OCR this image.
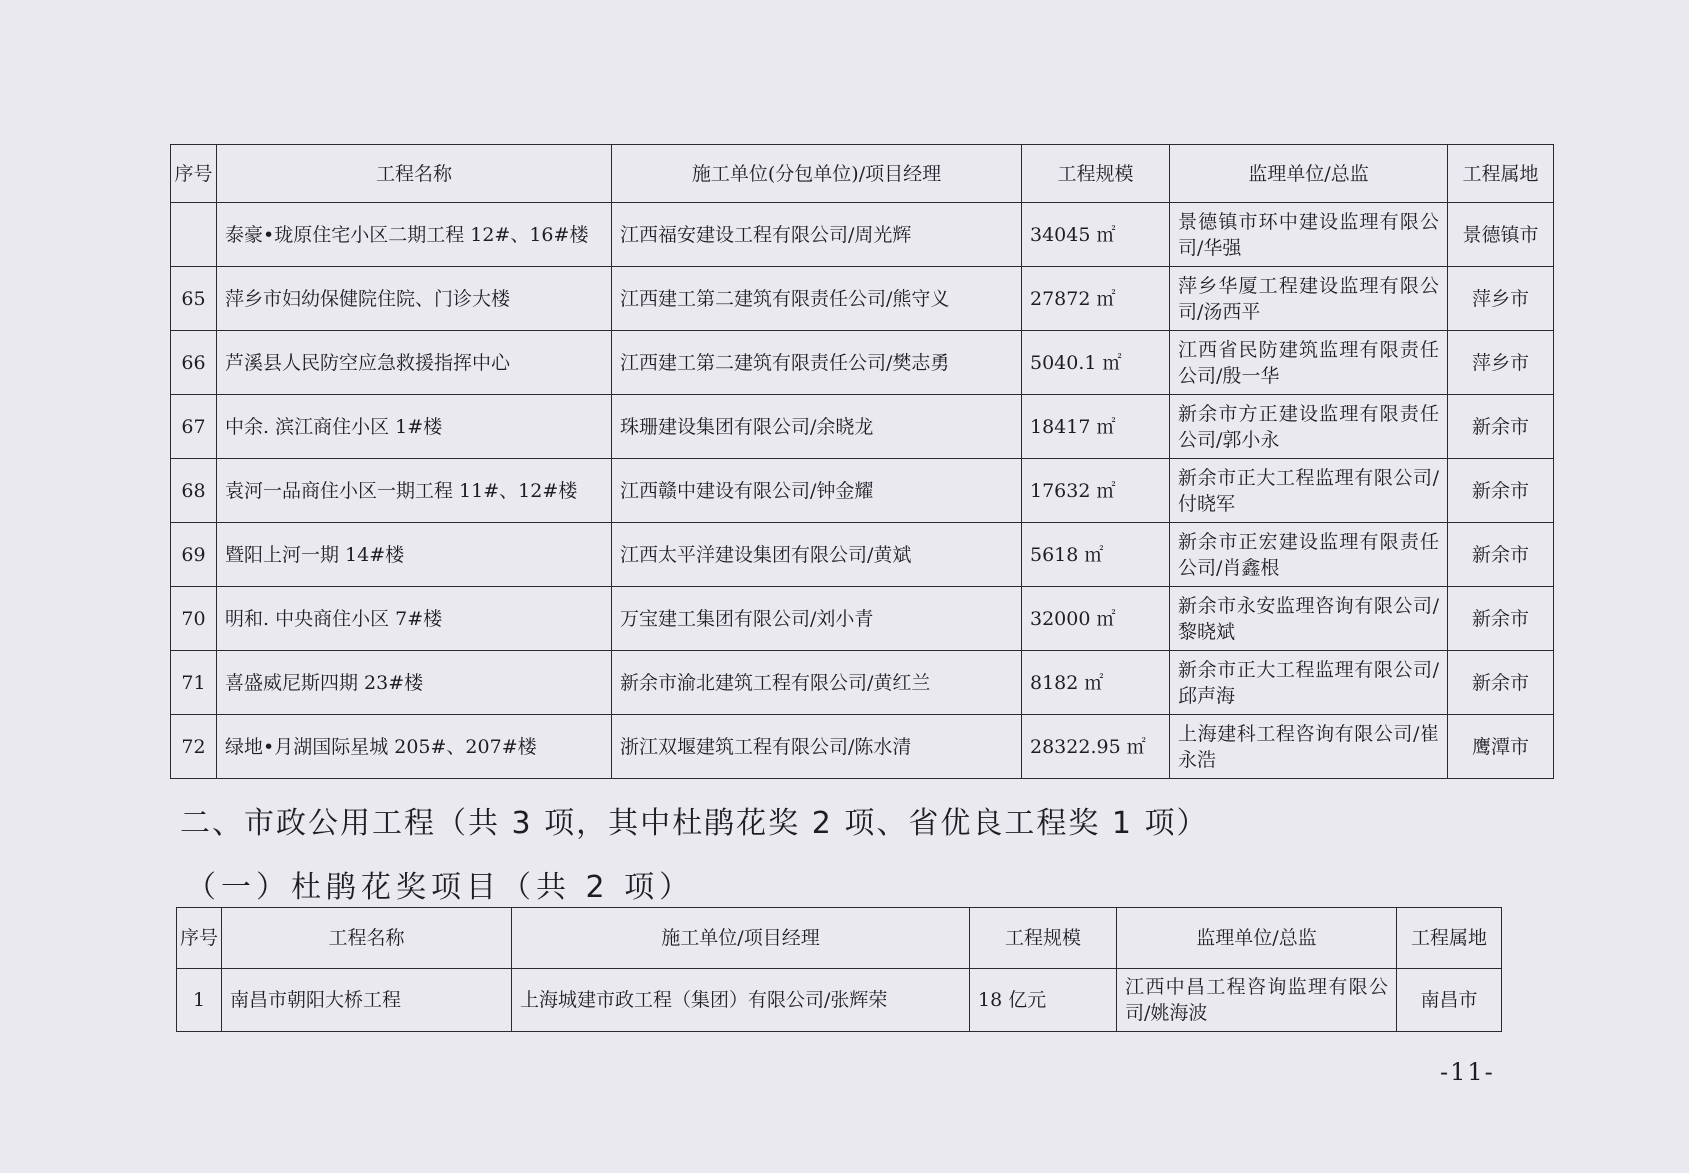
序号	工程名称	施工单位(分包单位)/项目经理	工程规模	监理单位/总监	工程属地
	泰豪•珑原住宅小区二期工程 12#、16#楼	江西福安建设工程有限公司/周光辉	34045 ㎡	景德镇市环中建设监理有限公司/华强	景德镇市
65	萍乡市妇幼保健院住院、门诊大楼	江西建工第二建筑有限责任公司/熊守义	27872 ㎡	萍乡华厦工程建设监理有限公司/汤西平	萍乡市
66	芦溪县人民防空应急救援指挥中心	江西建工第二建筑有限责任公司/樊志勇	5040.1 ㎡	江西省民防建筑监理有限责任公司/殷一华	萍乡市
67	中余. 滨江商住小区 1#楼	珠珊建设集团有限公司/余晓龙	18417 ㎡	新余市方正建设监理有限责任公司/郭小永	新余市
68	袁河一品商住小区一期工程 11#、12#楼	江西赣中建设有限公司/钟金耀	17632 ㎡	新余市正大工程监理有限公司/付晓军	新余市
69	暨阳上河一期 14#楼	江西太平洋建设集团有限公司/黄斌	5618 ㎡	新余市正宏建设监理有限责任公司/肖鑫根	新余市
70	明和. 中央商住小区 7#楼	万宝建工集团有限公司/刘小青	32000 ㎡	新余市永安监理咨询有限公司/黎晓斌	新余市
71	喜盛威尼斯四期 23#楼	新余市渝北建筑工程有限公司/黄红兰	8182 ㎡	新余市正大工程监理有限公司/邱声海	新余市
72	绿地•月湖国际星城 205#、207#楼	浙江双堰建筑工程有限公司/陈水清	28322.95 ㎡	上海建科工程咨询有限公司/崔永浩	鹰潭市
二、市政公用工程（共 3 项，其中杜鹃花奖 2 项、省优良工程奖 1 项）
（一）杜鹃花奖项目（共 2 项）
序号	工程名称	施工单位/项目经理	工程规模	监理单位/总监	工程属地
1	南昌市朝阳大桥工程	上海城建市政工程（集团）有限公司/张辉荣	18 亿元	江西中昌工程咨询监理有限公司/姚海波	南昌市
-11-
